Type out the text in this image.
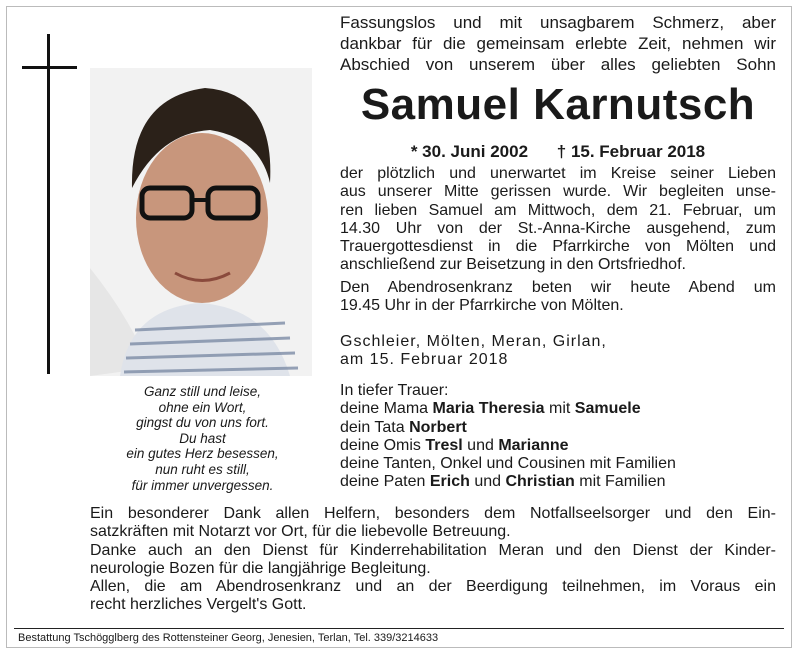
Ganz still und leise,
ohne ein Wort,
gingst du von uns fort.
Du hast
ein gutes Herz besessen,
nun ruht es still,
für immer unvergessen.
Fassungslos und mit unsagbarem Schmerz, aber
dankbar für die gemeinsam erlebte Zeit, nehmen wir
Abschied von unserem über alles geliebten Sohn
Samuel Karnutsch
* 30. Juni 2002 † 15. Februar 2018
der plötzlich und unerwartet im Kreise seiner Lieben
aus unserer Mitte gerissen wurde. Wir begleiten unse-
ren lieben Samuel am Mittwoch, dem 21. Februar, um
14.30 Uhr von der St.-Anna-Kirche ausgehend, zum
Trauergottesdienst in die Pfarrkirche von Mölten und
anschließend zur Beisetzung in den Ortsfriedhof.
Den Abendrosenkranz beten wir heute Abend um
19.45 Uhr in der Pfarrkirche von Mölten.
Gschleier, Mölten, Meran, Girlan,
am 15. Februar 2018
In tiefer Trauer:
deine Mama Maria Theresia mit Samuele
dein Tata Norbert
deine Omis Tresl und Marianne
deine Tanten, Onkel und Cousinen mit Familien
deine Paten Erich und Christian mit Familien
Ein besonderer Dank allen Helfern, besonders dem Notfallseelsorger und den Ein-
satzkräften mit Notarzt vor Ort, für die liebevolle Betreuung.
Danke auch an den Dienst für Kinderrehabilitation Meran und den Dienst der Kinder-
neurologie Bozen für die langjährige Begleitung.
Allen, die am Abendrosenkranz und an der Beerdigung teilnehmen, im Voraus ein
recht herzliches Vergelt's Gott.
Bestattung Tschögglberg des Rottensteiner Georg, Jenesien, Terlan, Tel. 339/3214633
